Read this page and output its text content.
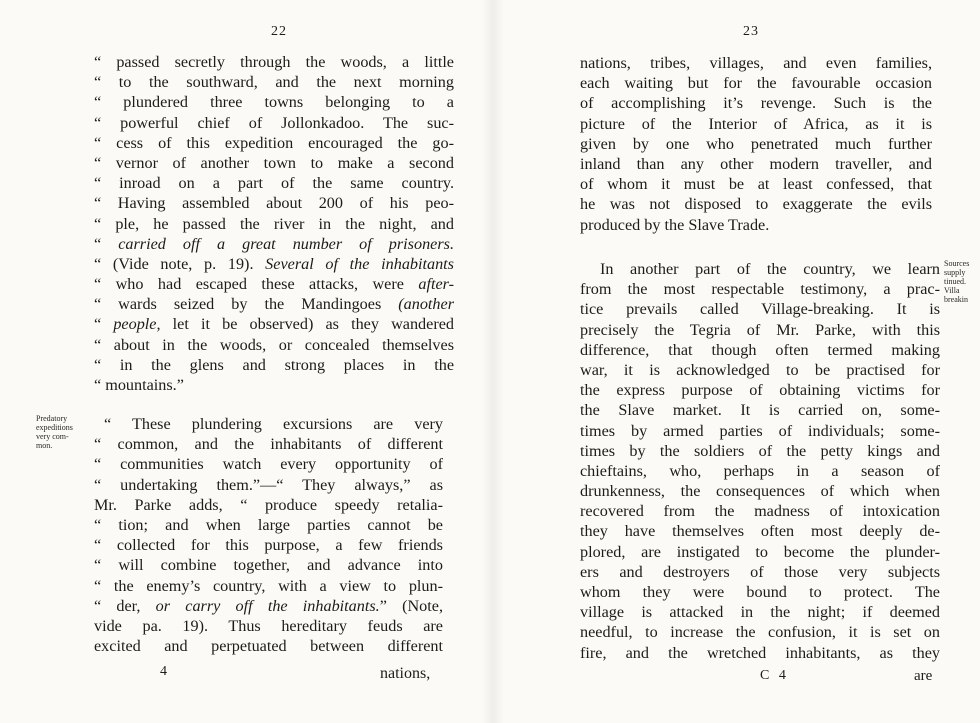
22
“ passed secretly through the woods, a little
“ to the southward, and the next morning
“ plundered three towns belonging to a
“ powerful chief of Jollonkadoo. The suc-
“ cess of this expedition encouraged the go-
“ vernor of another town to make a second
“ inroad on a part of the same country.
“ Having assembled about 200 of his peo-
“ ple, he passed the river in the night, and
“ carried off a great number of prisoners.
“ (Vide note, p. 19). Several of the inhabitants
“ who had escaped these attacks, were after-
“ wards seized by the Mandingoes (another
“ people, let it be observed) as they wandered
“ about in the woods, or concealed themselves
“ in the glens and strong places in the
“ mountains.”
Predatory
expeditions
very com-
mon.
“ These plundering excursions are very
“ common, and the inhabitants of different
“ communities watch every opportunity of
“ undertaking them.”—“ They always,” as
Mr. Parke adds, “ produce speedy retalia-
“ tion; and when large parties cannot be
“ collected for this purpose, a few friends
“ will combine together, and advance into
“ the enemy’s country, with a view to plun-
“ der, or carry off the inhabitants.” (Note,
vide pa. 19). Thus hereditary feuds are
excited and perpetuated between different
4	nations,
23
nations, tribes, villages, and even families,
each waiting but for the favourable occasion
of accomplishing it’s revenge. Such is the
picture of the Interior of Africa, as it is
given by one who penetrated much further
inland than any other modern traveller, and
of whom it must be at least confessed, that
he was not disposed to exaggerate the evils
produced by the Slave Trade.
Sources
supply
tinued.
Villa
breakin
In another part of the country, we learn
from the most respectable testimony, a prac-
tice prevails called Village-breaking. It is
precisely the Tegria of Mr. Parke, with this
difference, that though often termed making
war, it is acknowledged to be practised for
the express purpose of obtaining victims for
the Slave market. It is carried on, some-
times by armed parties of individuals; some-
times by the soldiers of the petty kings and
chieftains, who, perhaps in a season of
drunkenness, the consequences of which when
recovered from the madness of intoxication
they have themselves often most deeply de-
plored, are instigated to become the plunder-
ers and destroyers of those very subjects
whom they were bound to protect. The
village is attacked in the night; if deemed
needful, to increase the confusion, it is set on
fire, and the wretched inhabitants, as they
C 4	are
